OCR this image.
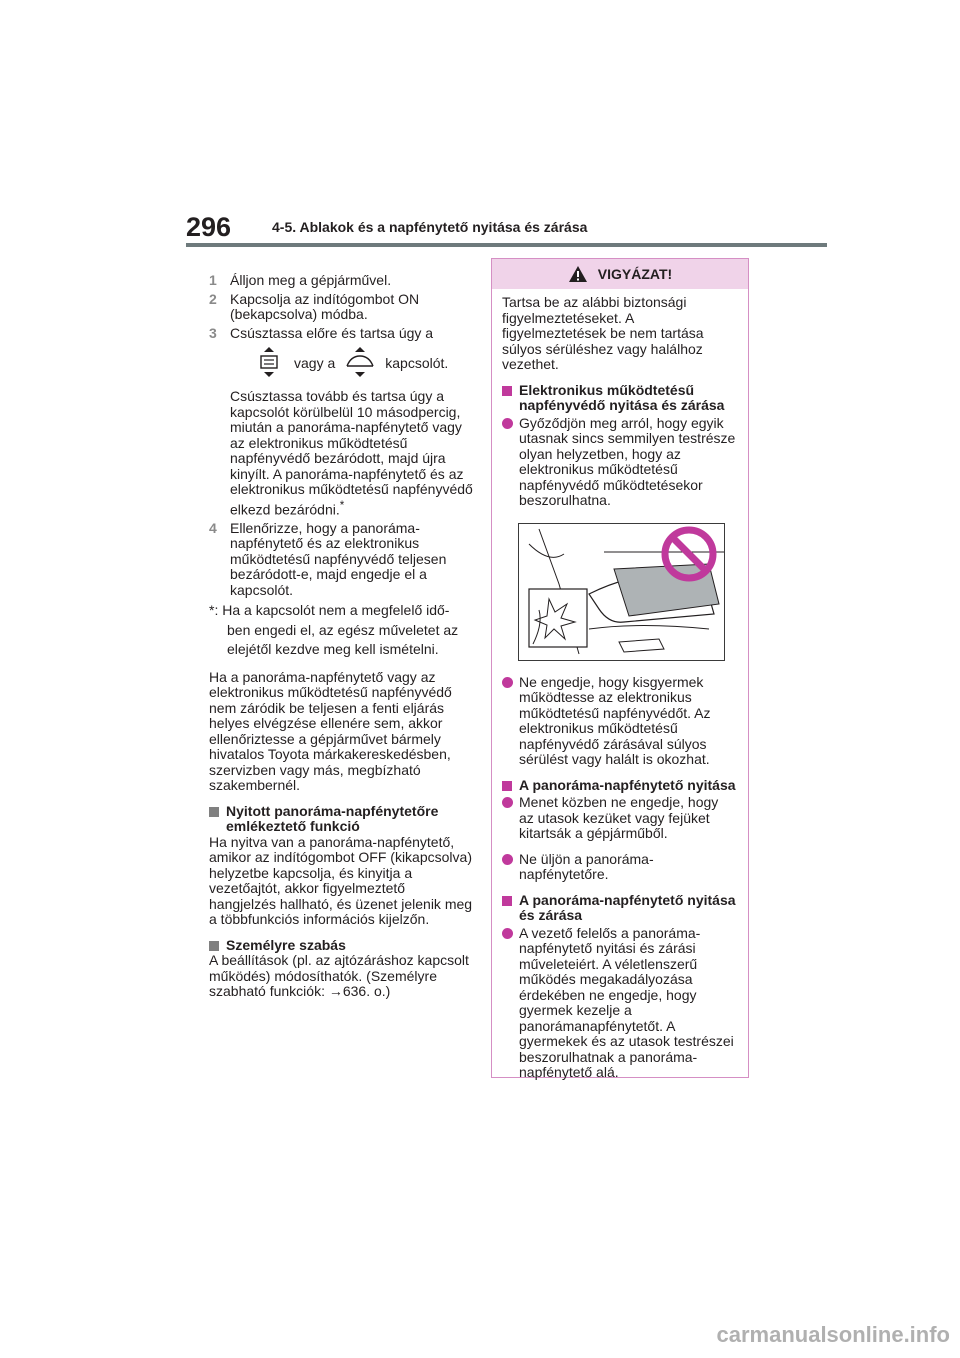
296	4-5. Ablakok és a napfénytető nyitása és zárása
1 Álljon meg a gépjárművel.
2 Kapcsolja az indítógombot ON (bekapcsolva) módba.
3 Csúsztassa előre és tartsa úgy a
vagy a	kapcsolót.
Csúsztassa tovább és tartsa úgy a kapcsolót körülbelül 10 másodpercig, miután a panoráma-napfénytető vagy az elektronikus működtetésű napfényvédő bezáródott, majd újra kinyílt. A panoráma-napfénytető és az elektronikus működtetésű napfényvédő elkezd bezáródni.*
4 Ellenőrizze, hogy a panoráma-napfénytető és az elektronikus működtetésű napfényvédő teljesen bezáródott-e, majd engedje el a kapcsolót.
*: Ha a kapcsolót nem a megfelelő idő-
ben engedi el, az egész műveletet az elejétől kezdve meg kell ismételni.
Ha a panoráma-napfénytető vagy az elektronikus működtetésű napfényvédő nem záródik be teljesen a fenti eljárás helyes elvégzése ellenére sem, akkor ellenőriztesse a gépjárművet bármely hivatalos Toyota márkakereskedésben, szervizben vagy más, megbízható szakembernél.
Nyitott panoráma-napfénytetőre emlékeztető funkció
Ha nyitva van a panoráma-napfénytető, amikor az indítógombot OFF (kikapcsolva) helyzetbe kapcsolja, és kinyitja a vezetőajtót, akkor figyelmeztető hangjelzés hallható, és üzenet jelenik meg a többfunkciós információs kijelzőn.
Személyre szabás
A beállítások (pl. az ajtózáráshoz kapcsolt működés) módosíthatók. (Személyre szabható funkciók: →636. o.)
VIGYÁZAT!
Tartsa be az alábbi biztonsági figyelmeztetéseket. A figyelmeztetések be nem tartása súlyos sérüléshez vagy halálhoz vezethet.
Elektronikus működtetésű napfényvédő nyitása és zárása
Győződjön meg arról, hogy egyik utasnak sincs semmilyen testrésze olyan helyzetben, hogy az elektronikus működtetésű napfényvédő működtetésekor beszorulhatna.
Ne engedje, hogy kisgyermek működtesse az elektronikus működtetésű napfényvédőt. Az elektronikus működtetésű napfényvédő zárásával súlyos sérülést vagy halált is okozhat.
A panoráma-napfénytető nyitása
Menet közben ne engedje, hogy az utasok kezüket vagy fejüket kitartsák a gépjárműből.
Ne üljön a panoráma-napfénytetőre.
A panoráma-napfénytető nyitása és zárása
A vezető felelős a panoráma-napfénytető nyitási és zárási műveleteiért. A véletlenszerű működés megakadályozása érdekében ne engedje, hogy gyermek kezelje a panorámanapfénytetőt. A gyermekek és az utasok testrészei beszorulhatnak a panoráma-napfénytető alá.
carmanualsonline.info
